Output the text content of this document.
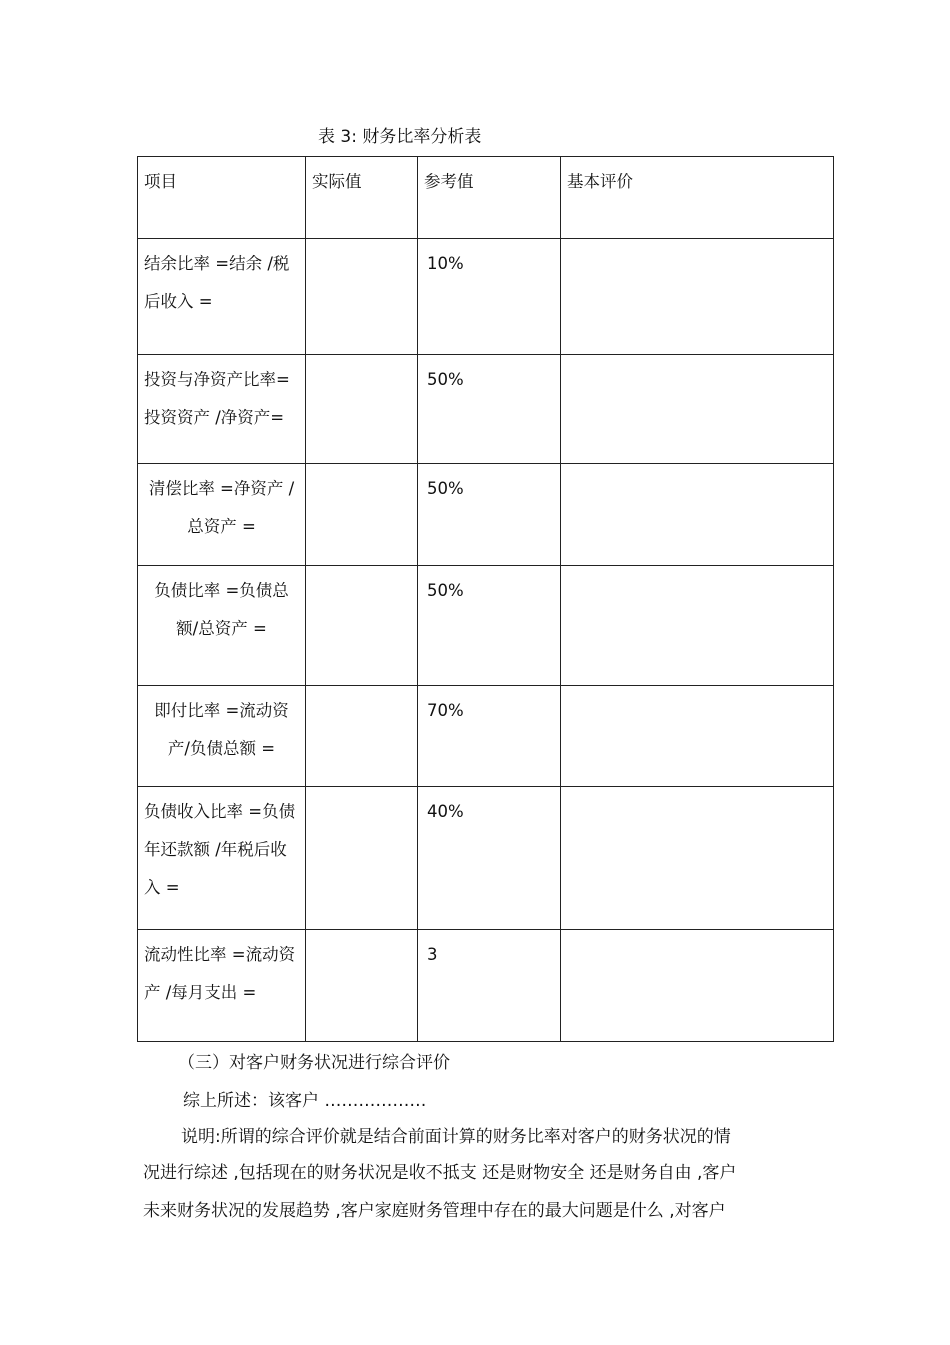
表 3: 财务比率分析表
项目	实际值	参考值	基本评价
结余比率 =结余 /税后收入 =		10%	
投资与净资产比率=投资资产 /净资产=		50%	
清偿比率 =净资产 /总资产 =		50%	
负债比率 =负债总额/总资产 =		50%	
即付比率 =流动资产/负债总额 =		70%	
负债收入比率 =负债年还款额 /年税后收入 =		40%	
流动性比率 =流动资产 /每月支出 =		3	
（三）对客户财务状况进行综合评价
综上所述：该客户 ………………
说明:所谓的综合评价就是结合前面计算的财务比率对客户的财务状况的情
况进行综述 ,包括现在的财务状况是收不抵支 还是财物安全 还是财务自由 ,客户
未来财务状况的发展趋势 ,客户家庭财务管理中存在的最大问题是什么 ,对客户
